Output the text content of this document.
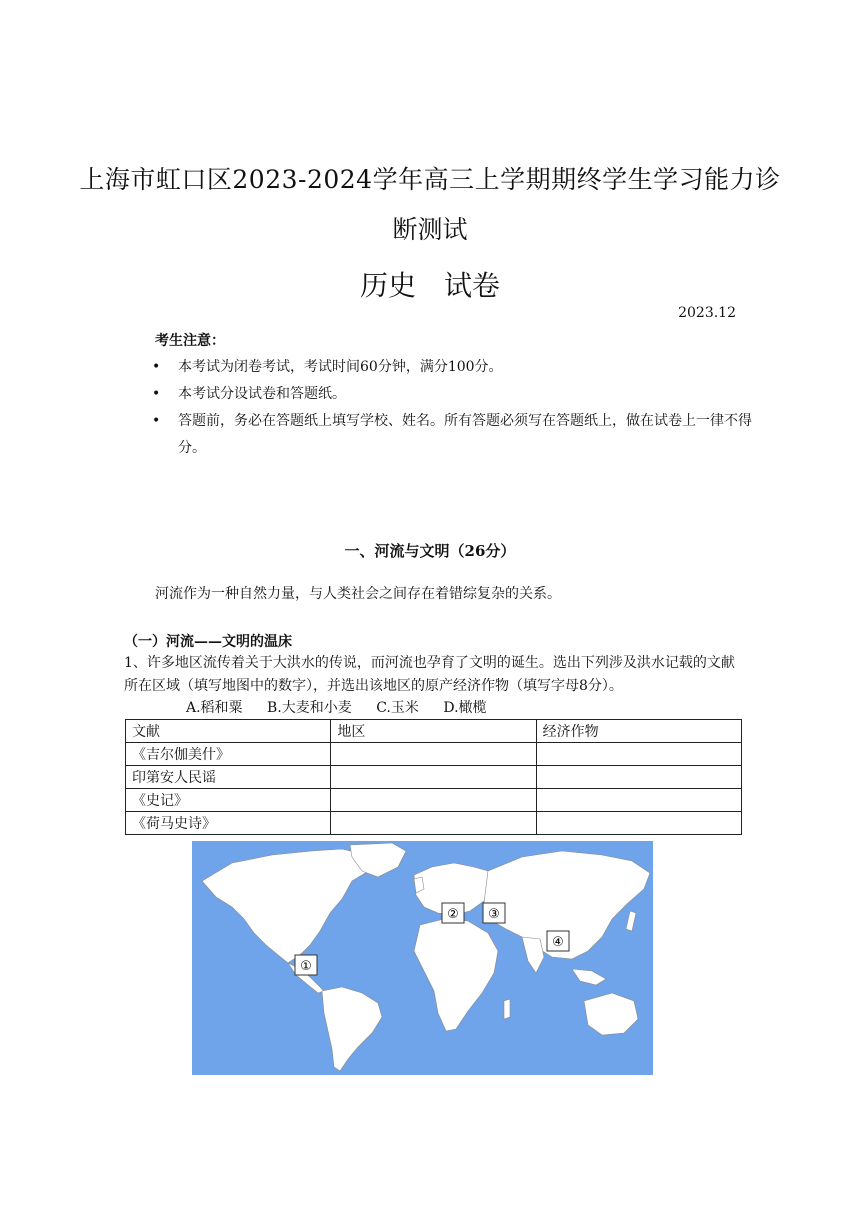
上海市虹口区2023-2024学年高三上学期期终学生学习能力诊
断测试
历史　试卷
2023.12
考生注意：
• 本考试为闭卷考试，考试时间60分钟，满分100分。
• 本考试分设试卷和答题纸。
• 答题前，务必在答题纸上填写学校、姓名。所有答题必须写在答题纸上，做在试卷上一律不得分。
一、河流与文明（26分）
河流作为一种自然力量，与人类社会之间存在着错综复杂的关系。
（一）河流——文明的温床
1、许多地区流传着关于大洪水的传说，而河流也孕育了文明的诞生。选出下列涉及洪水记载的文献所在区域（填写地图中的数字），并选出该地区的原产经济作物（填写字母8分）。
A.稻和粟 B.大麦和小麦 C.玉米 D.橄榄
文献	地区	经济作物
《吉尔伽美什》		
印第安人民谣		
《史记》		
《荷马史诗》		
①
② ③
④
